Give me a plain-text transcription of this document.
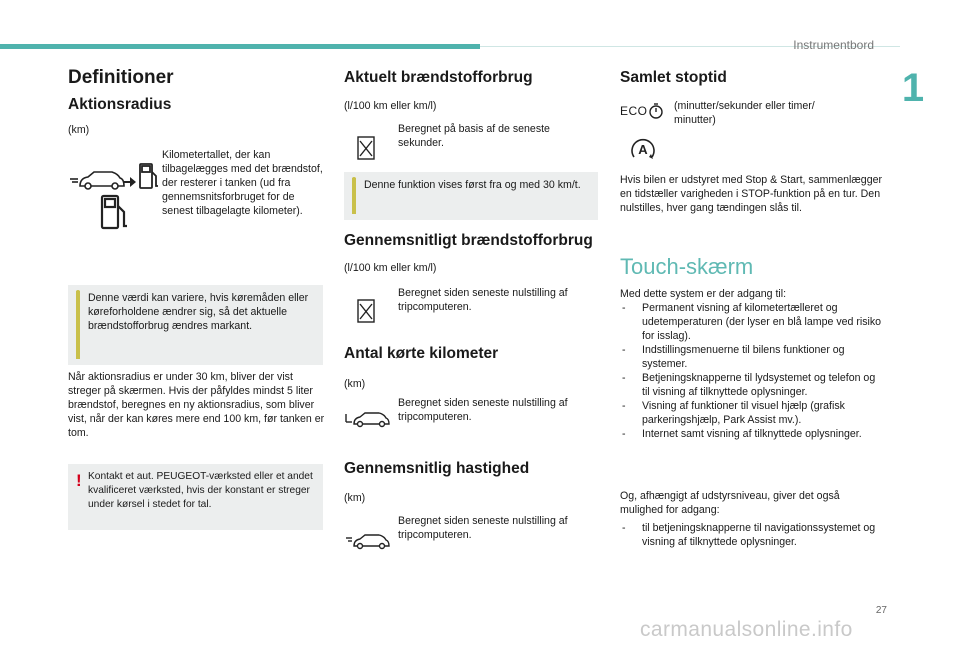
Instrumentbord
1
Definitioner
Aktionsradius
(km)
Kilometertallet, der kan tilbagelægges med det brændstof, der resterer i tanken (ud fra gennemsnitsforbruget for de senest tilbagelagte kilometer).
Denne værdi kan variere, hvis køremåden eller køreforholdene ændrer sig, så det aktuelle brændstofforbrug ændres markant.
Når aktionsradius er under 30 km, bliver der vist streger på skærmen. Hvis der påfyldes mindst 5 liter brændstof, beregnes en ny aktionsradius, som bliver vist, når der kan køres mere end 100 km, før tanken er tom.
! Kontakt et aut. PEUGEOT-værksted eller et andet kvalificeret værksted, hvis der konstant er streger under kørsel i stedet for tal.
Aktuelt brændstofforbrug
(l/100 km eller km/l)
Beregnet på basis af de seneste sekunder.
Denne funktion vises først fra og med 30 km/t.
Gennemsnitligt brændstofforbrug
(l/100 km eller km/l)
Beregnet siden seneste nulstilling af tripcomputeren.
Antal kørte kilometer
(km)
Beregnet siden seneste nulstilling af tripcomputeren.
Gennemsnitlig hastighed
(km)
Beregnet siden seneste nulstilling af tripcomputeren.
Samlet stoptid
ECO (minutter/sekunder eller timer/ minutter)
A
Hvis bilen er udstyret med Stop & Start, sammenlægger en tidstæller varigheden i STOP-funktion på en tur. Den nulstilles, hver gang tændingen slås til.
Touch-skærm
Med dette system er der adgang til:
- Permanent visning af kilometertælleret og udetemperaturen (der lyser en blå lampe ved risiko for isslag).
- Indstillingsmenuerne til bilens funktioner og systemer.
- Betjeningsknapperne til lydsystemet og telefon og til visning af tilknyttede oplysninger.
- Visning af funktioner til visuel hjælp (grafisk parkeringshjælp, Park Assist mv.).
- Internet samt visning af tilknyttede oplysninger.
Og, afhængigt af udstyrsniveau, giver det også mulighed for adgang:
- til betjeningsknapperne til navigationssystemet og visning af tilknyttede oplysninger.
27
carmanualsonline.info
